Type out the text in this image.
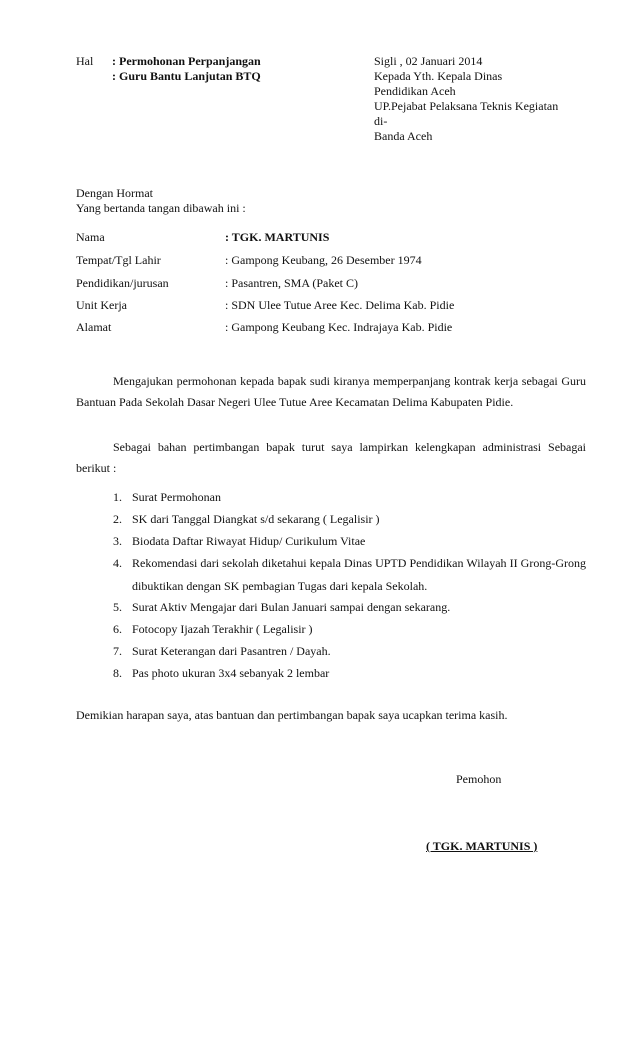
Hal : Permohonan Perpanjangan
: Guru Bantu Lanjutan BTQ
Sigli , 02 Januari 2014
Kepada Yth. Kepala Dinas
Pendidikan Aceh
UP.Pejabat Pelaksana Teknis Kegiatan
di-
Banda Aceh
Dengan Hormat
Yang bertanda tangan dibawah ini :
Nama	: TGK. MARTUNIS
Tempat/Tgl Lahir	: Gampong Keubang, 26 Desember 1974
Pendidikan/jurusan	: Pasantren, SMA (Paket C)
Unit Kerja	: SDN Ulee Tutue Aree Kec. Delima Kab. Pidie
Alamat	: Gampong Keubang Kec. Indrajaya Kab. Pidie
Mengajukan permohonan kepada bapak sudi kiranya memperpanjang kontrak kerja sebagai Guru Bantuan Pada Sekolah Dasar Negeri Ulee Tutue Aree Kecamatan Delima Kabupaten Pidie.
Sebagai bahan pertimbangan bapak turut saya lampirkan kelengkapan administrasi Sebagai berikut :
1. Surat Permohonan
2. SK dari Tanggal Diangkat s/d sekarang ( Legalisir )
3. Biodata Daftar Riwayat Hidup/ Curikulum Vitae
4. Rekomendasi dari sekolah diketahui kepala Dinas UPTD Pendidikan Wilayah II Grong-Grong dibuktikan dengan SK pembagian Tugas dari kepala Sekolah.
5. Surat Aktiv Mengajar dari Bulan Januari sampai dengan sekarang.
6. Fotocopy Ijazah Terakhir ( Legalisir )
7. Surat Keterangan dari Pasantren / Dayah.
8. Pas photo ukuran 3x4 sebanyak 2 lembar
Demikian harapan saya, atas bantuan dan pertimbangan bapak saya ucapkan terima kasih.
Pemohon
( TGK. MARTUNIS )
